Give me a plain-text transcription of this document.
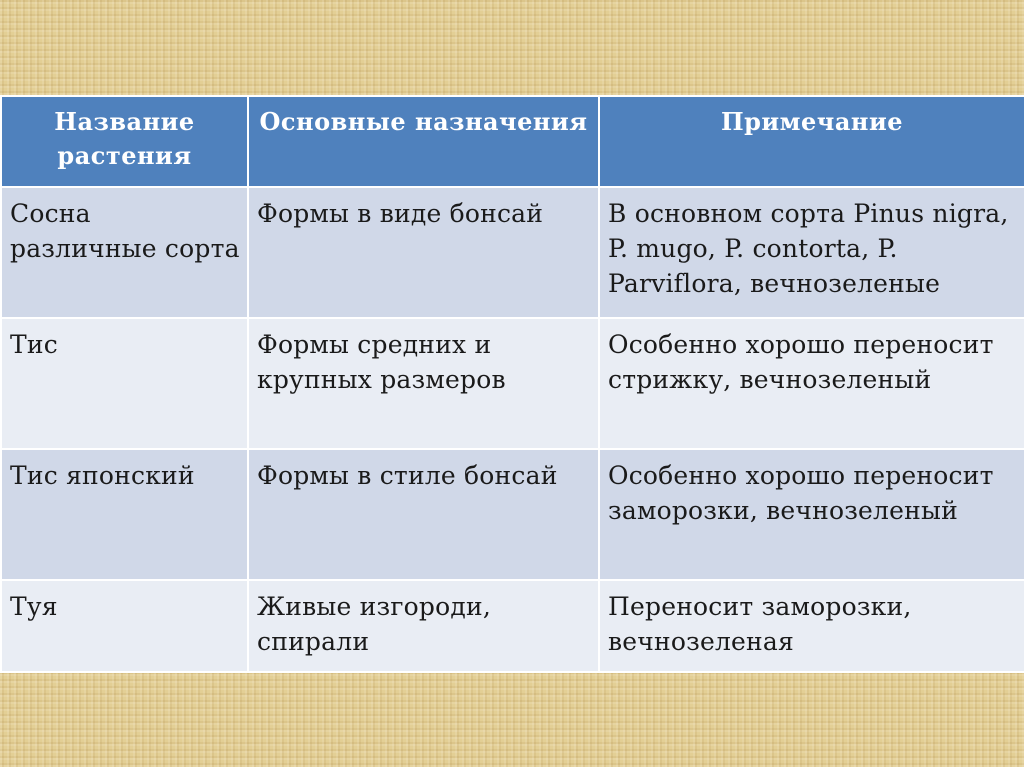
Название растения	Основные назначения	Примечание
Сосна различные сорта	Формы в виде бонсай	В основном сорта Pinus nigra, P. mugo, P. contorta, P. Parviflora, вечнозеленые
Тис	Формы средних и крупных размеров	Особенно хорошо переносит стрижку, вечнозеленый
Тис японский	Формы в стиле бонсай	Особенно хорошо переносит заморозки, вечнозеленый
Туя	Живые изгороди, спирали	Переносит заморозки, вечнозеленая
